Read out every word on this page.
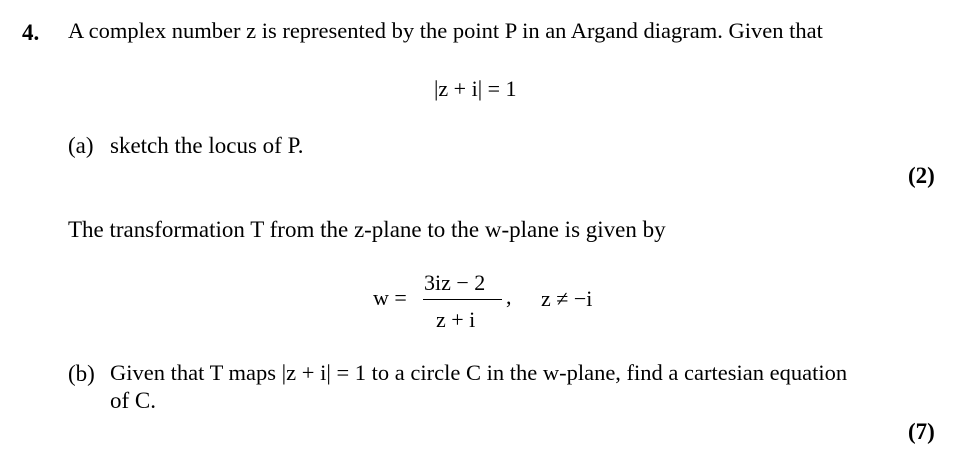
4. A complex number z is represented by the point P in an Argand diagram. Given that
|z + i| = 1
(a) sketch the locus of P.
(2)
The transformation T from the z-plane to the w-plane is given by
w =
3iz − 2
z + i
, z ≠ −i
(b) Given that T maps |z + i| = 1 to a circle C in the w-plane, find a cartesian equation
of C.
(7)
